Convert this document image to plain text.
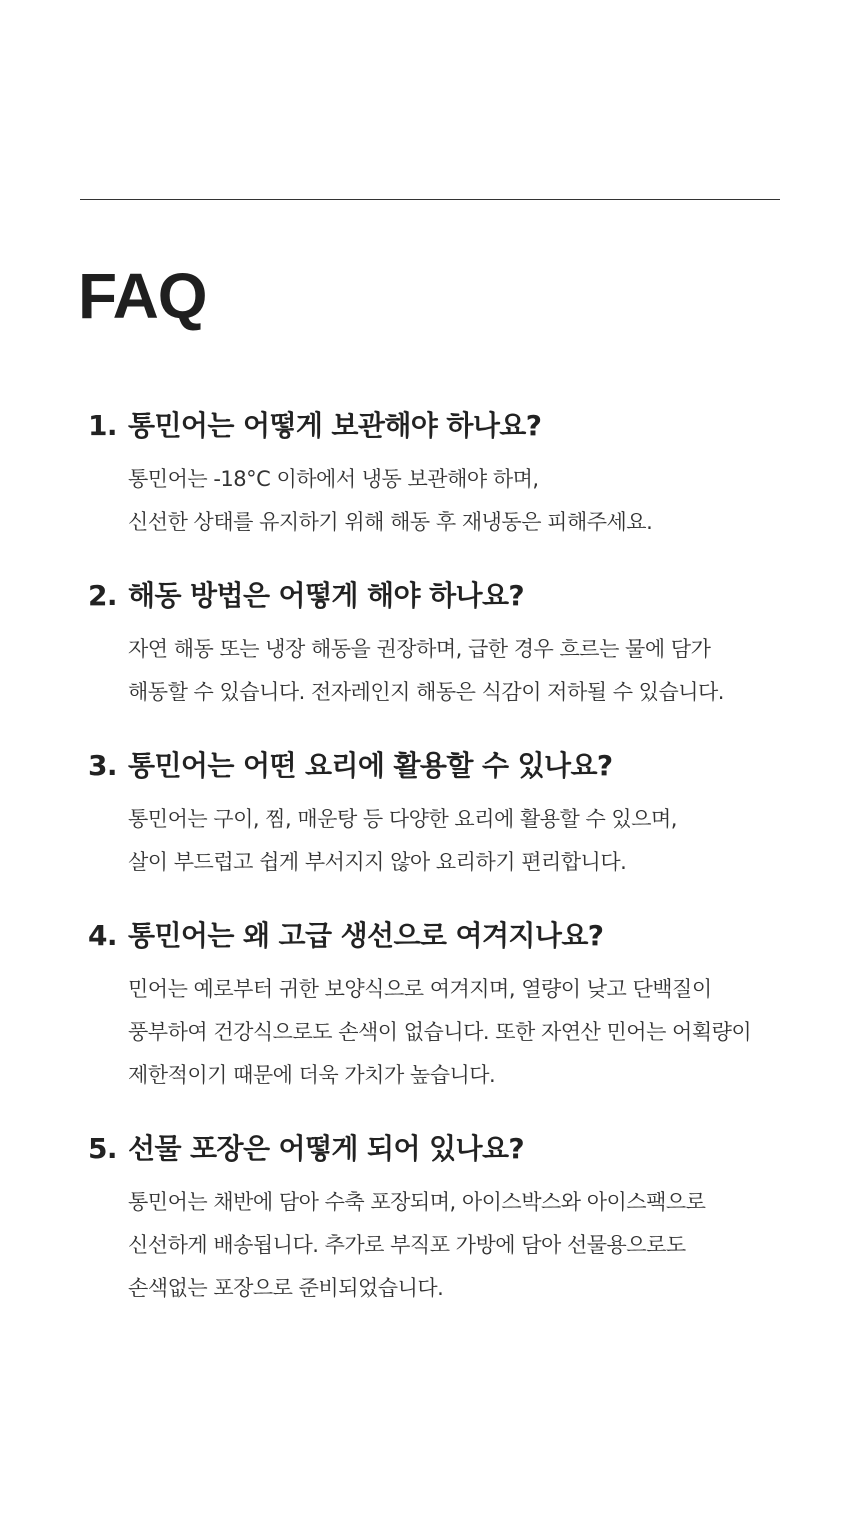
FAQ
1. 통민어는 어떻게 보관해야 하나요?

통민어는 -18°C 이하에서 냉동 보관해야 하며,
신선한 상태를 유지하기 위해 해동 후 재냉동은 피해주세요.

2. 해동 방법은 어떻게 해야 하나요?

자연 해동 또는 냉장 해동을 권장하며, 급한 경우 흐르는 물에 담가
해동할 수 있습니다. 전자레인지 해동은 식감이 저하될 수 있습니다.

3. 통민어는 어떤 요리에 활용할 수 있나요?

통민어는 구이, 찜, 매운탕 등 다양한 요리에 활용할 수 있으며,
살이 부드럽고 쉽게 부서지지 않아 요리하기 편리합니다.

4. 통민어는 왜 고급 생선으로 여겨지나요?

민어는 예로부터 귀한 보양식으로 여겨지며, 열량이 낮고 단백질이
풍부하여 건강식으로도 손색이 없습니다. 또한 자연산 민어는 어획량이
제한적이기 때문에 더욱 가치가 높습니다.

5. 선물 포장은 어떻게 되어 있나요?

통민어는 채반에 담아 수축 포장되며, 아이스박스와 아이스팩으로
신선하게 배송됩니다. 추가로 부직포 가방에 담아 선물용으로도
손색없는 포장으로 준비되었습니다.
